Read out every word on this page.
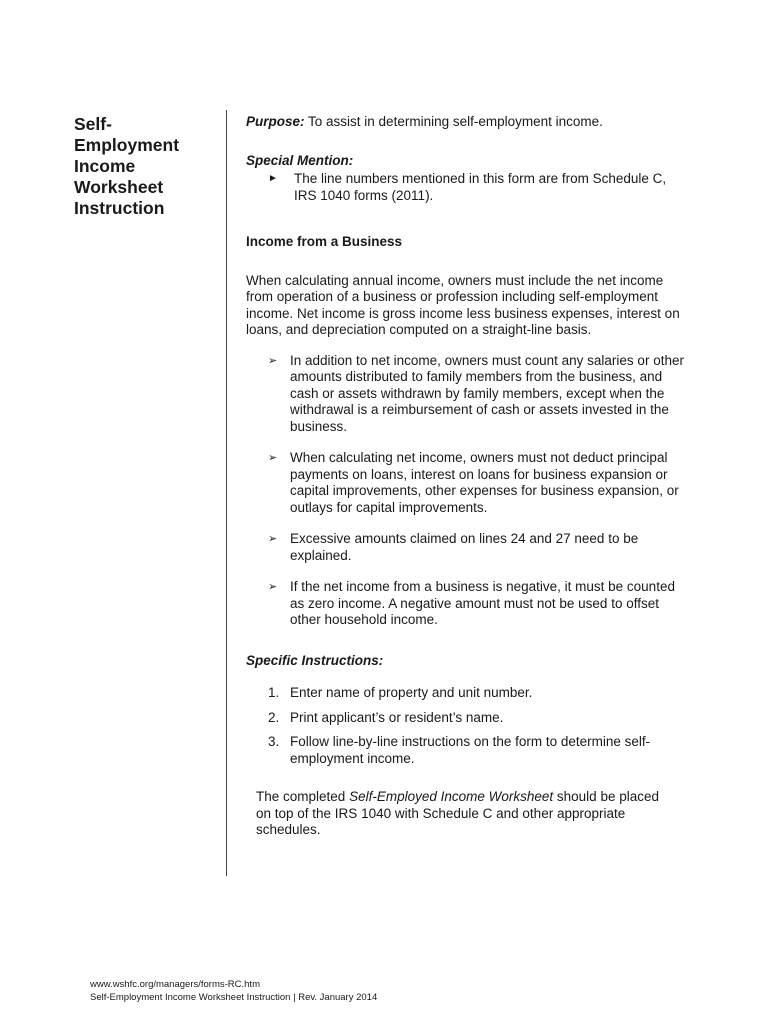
Self-
Employment
Income
Worksheet
Instruction

Purpose: To assist in determining self-employment income.

Special Mention:

►	The line numbers mentioned in this form are from Schedule C, IRS 1040 forms (2011).

Income from a Business

When calculating annual income, owners must include the net income from operation of a business or profession including self-employment income. Net income is gross income less business expenses, interest on loans, and depreciation computed on a straight-line basis.

➢ In addition to net income, owners must count any salaries or other amounts distributed to family members from the business, and cash or assets withdrawn by family members, except when the withdrawal is a reimbursement of cash or assets invested in the business.
➢ When calculating net income, owners must not deduct principal payments on loans, interest on loans for business expansion or capital improvements, other expenses for business expansion, or outlays for capital improvements.
➢ Excessive amounts claimed on lines 24 and 27 need to be explained.
➢ If the net income from a business is negative, it must be counted as zero income. A negative amount must not be used to offset other household income.

Specific Instructions:

1. Enter name of property and unit number.
2. Print applicant’s or resident’s name.
3. Follow line-by-line instructions on the form to determine self-employment income.

The completed Self-Employed Income Worksheet should be placed on top of the IRS 1040 with Schedule C and other appropriate schedules.

www.wshfc.org/managers/forms-RC.htm
Self-Employment Income Worksheet Instruction | Rev. January 2014
